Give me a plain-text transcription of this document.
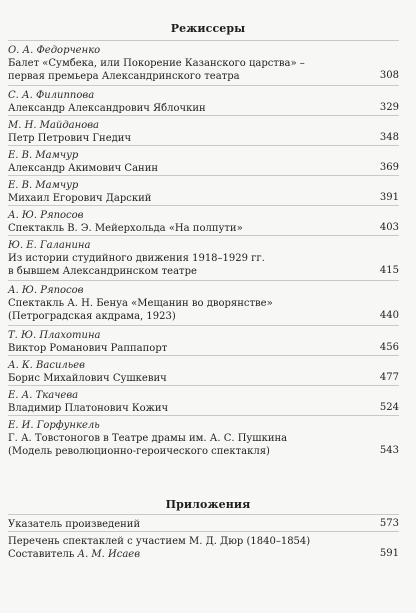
Режиссеры
О. А. Федорченко
Балет «Сумбека, или Покорение Казанского царства» –
первая премьера Александринского театра	308
С. А. Филиппова
Александр Александрович Яблочкин	329
М. Н. Майданова
Петр Петрович Гнедич	348
Е. В. Мамчур
Александр Акимович Санин	369
Е. В. Мамчур
Михаил Егорович Дарский	391
А. Ю. Ряпосов
Спектакль В. Э. Мейерхольда «На полпути»	403
Ю. Е. Галанина
Из истории студийного движения 1918–1929 гг.
в бывшем Александринском театре	415
А. Ю. Ряпосов
Спектакль А. Н. Бенуа «Мещанин во дворянстве»
(Петроградская акдрама, 1923)	440
Т. Ю. Плахотина
Виктор Романович Раппапорт	456
А. К. Васильев
Борис Михайлович Сушкевич	477
Е. А. Ткачева
Владимир Платонович Кожич	524
Е. И. Горфункель
Г. А. Товстоногов в Театре драмы им. А. С. Пушкина
(Модель революционно-героического спектакля)	543
Приложения
Указатель произведений	573
Перечень спектаклей с участием М. Д. Дюр (1840–1854)
Составитель А. М. Исаев	591
